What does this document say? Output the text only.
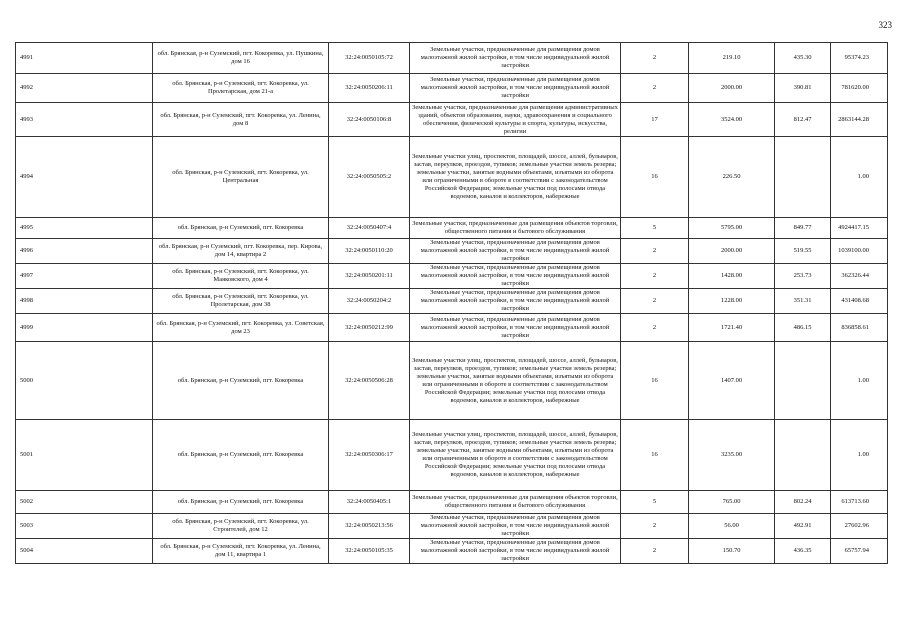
323
4991	обл. Брянская, р-н Суземский, пгт. Кокоревка, ул. Пушкина, дом 16	32:24:0050105:72	Земельные участки, предназначенные для размещения домов малоэтажной жилой застройки, в том числе индивидуальной жилой застройки	2	219.10	435.30	95374.23
4992	обл. Брянская, р-н Суземский, пгт. Кокоревка, ул. Пролетарская, дом 21-а	32:24:0050206:11	Земельные участки, предназначенные для размещения домов малоэтажной жилой застройки, в том числе индивидуальной жилой застройки	2	2000.00	390.81	781620.00
4993	обл. Брянская, р-н Суземский, пгт. Кокоревка, ул. Ленина, дом 8	32:24:0050106:8	Земельные участки, предназначенные для размещения административных зданий, объектов образования, науки, здравоохранения и социального обеспечения, физической культуры и спорта, культуры, искусства, религии	17	3524.00	812.47	2863144.28
4994	обл. Брянская, р-н Суземский, пгт. Кокоревка, ул. Центральная	32:24:0050505:2	Земельные участки улиц, проспектов, площадей, шоссе, аллей, бульваров, застав, переулков, проездов, тупиков; земельные участки земель резерва; земельные участки, занятые водными объектами, изъятыми из оборота или ограниченными в обороте в соответствии с законодательством Российской Федерации; земельные участки под полосами отвода водоемов, каналов и коллекторов, набережные	16	226.50		1.00
4995	обл. Брянская, р-н Суземский, пгт. Кокоревка	32:24:0050407:4	Земельные участки, предназначенные для размещения объектов торговли, общественного питания и бытового обслуживания	5	5795.00	849.77	4924417.15
4996	обл. Брянская, р-н Суземский, пгт. Кокоревка, пер. Кирова, дом 14, квартира 2	32:24:0050110:20	Земельные участки, предназначенные для размещения домов малоэтажной жилой застройки, в том числе индивидуальной жилой застройки	2	2000.00	519.55	1039100.00
4997	обл. Брянская, р-н Суземский, пгт. Кокоревка, ул. Маяковского, дом 4	32:24:0050201:11	Земельные участки, предназначенные для размещения домов малоэтажной жилой застройки, в том числе индивидуальной жилой застройки	2	1428.00	253.73	362326.44
4998	обл. Брянская, р-н Суземский, пгт. Кокоревка, ул. Пролетарская, дом 38	32:24:0050204:2	Земельные участки, предназначенные для размещения домов малоэтажной жилой застройки, в том числе индивидуальной жилой застройки	2	1228.00	351.31	431408.68
4999	обл. Брянская, р-н Суземский, пгт. Кокоревка, ул. Советская, дом 23	32:24:0050212:99	Земельные участки, предназначенные для размещения домов малоэтажной жилой застройки, в том числе индивидуальной жилой застройки	2	1721.40	486.15	836858.61
5000	обл. Брянская, р-н Суземский, пгт. Кокоревка	32:24:0050506:28	Земельные участки улиц, проспектов, площадей, шоссе, аллей, бульваров, застав, переулков, проездов, тупиков; земельные участки земель резерва; земельные участки, занятые водными объектами, изъятыми из оборота или ограниченными в обороте в соответствии с законодательством Российской Федерации; земельные участки под полосами отвода водоемов, каналов и коллекторов, набережные	16	1407.00		1.00
5001	обл. Брянская, р-н Суземский, пгт. Кокоревка	32:24:0050306:17	Земельные участки улиц, проспектов, площадей, шоссе, аллей, бульваров, застав, переулков, проездов, тупиков; земельные участки земель резерва; земельные участки, занятые водными объектами, изъятыми из оборота или ограниченными в обороте в соответствии с законодательством Российской Федерации; земельные участки под полосами отвода водоемов, каналов и коллекторов, набережные	16	3235.00		1.00
5002	обл. Брянская, р-н Суземский, пгт. Кокоревка	32:24:0050405:1	Земельные участки, предназначенные для размещения объектов торговли, общественного питания и бытового обслуживания	5	765.00	802.24	613713.60
5003	обл. Брянская, р-н Суземский, пгт. Кокоревка, ул. Строителей, дом 12	32:24:0050213:56	Земельные участки, предназначенные для размещения домов малоэтажной жилой застройки, в том числе индивидуальной жилой застройки	2	56.00	492.91	27602.96
5004	обл. Брянская, р-н Суземский, пгт. Кокоревка, ул. Ленина, дом 11, квартира 1	32:24:0050105:35	Земельные участки, предназначенные для размещения домов малоэтажной жилой застройки, в том числе индивидуальной жилой застройки	2	150.70	436.35	65757.94
